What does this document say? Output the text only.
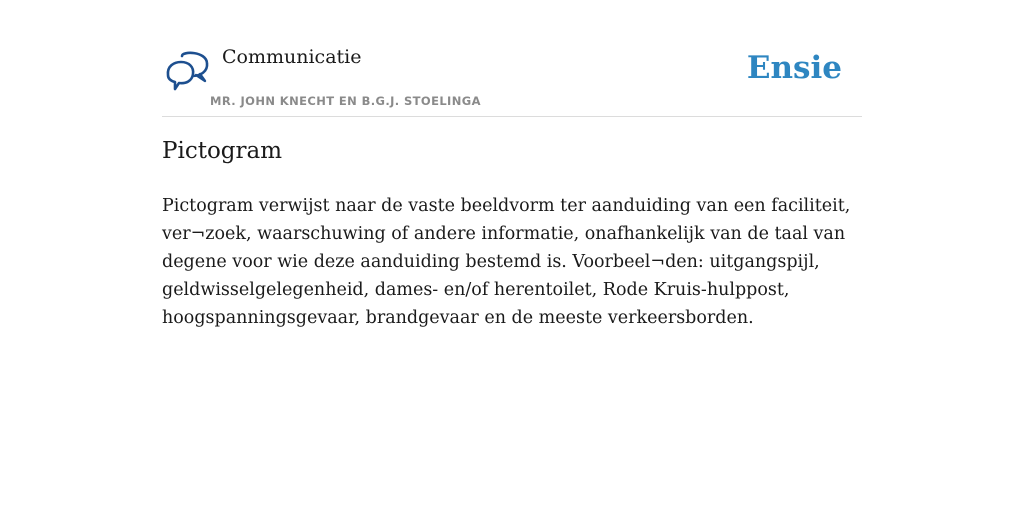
Communicatie
MR. JOHN KNECHT EN B.G.J. STOELINGA
Ensie
Pictogram
Pictogram verwijst naar de vaste beeldvorm ter aanduiding van een faciliteit,
ver¬zoek, waarschuwing of andere informatie, onafhankelijk van de taal van
degene voor wie deze aanduiding bestemd is. Voorbeel¬den: uitgangspijl,
geldwisselgelegenheid, dames- en/of herentoilet, Rode Kruis-hulppost,
hoogspanningsgevaar, brandgevaar en de meeste verkeersborden.
